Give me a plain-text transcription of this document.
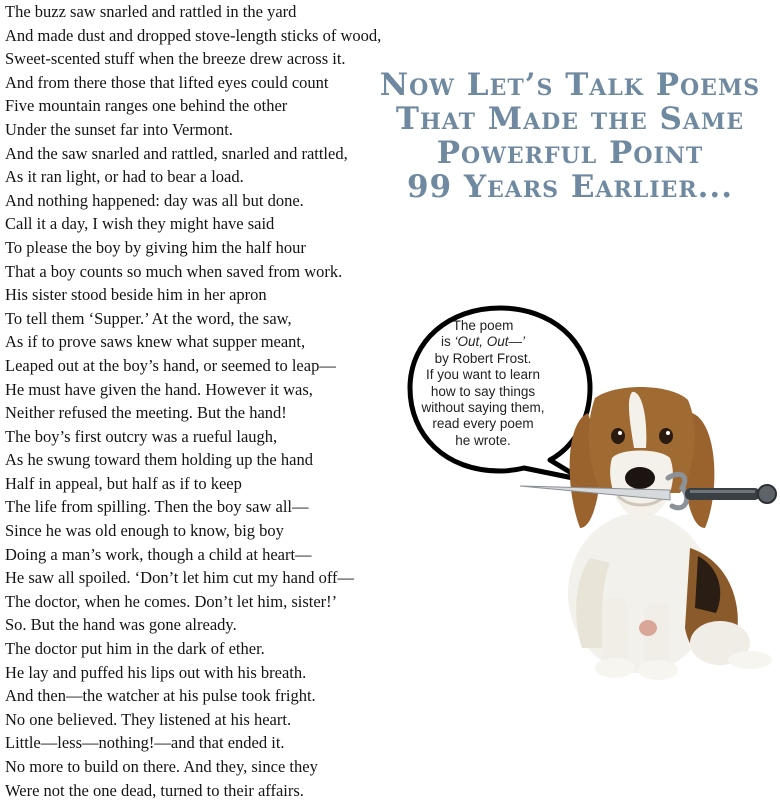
The buzz saw snarled and rattled in the yard
And made dust and dropped stove-length sticks of wood,
Sweet-scented stuff when the breeze drew across it.
And from there those that lifted eyes could count
Five mountain ranges one behind the other
Under the sunset far into Vermont.
And the saw snarled and rattled, snarled and rattled,
As it ran light, or had to bear a load.
And nothing happened: day was all but done.
Call it a day, I wish they might have said
To please the boy by giving him the half hour
That a boy counts so much when saved from work.
His sister stood beside him in her apron
To tell them ‘Supper.’ At the word, the saw,
As if to prove saws knew what supper meant,
Leaped out at the boy’s hand, or seemed to leap—
He must have given the hand. However it was,
Neither refused the meeting. But the hand!
The boy’s first outcry was a rueful laugh,
As he swung toward them holding up the hand
Half in appeal, but half as if to keep
The life from spilling. Then the boy saw all—
Since he was old enough to know, big boy
Doing a man’s work, though a child at heart—
He saw all spoiled. ‘Don’t let him cut my hand off—
The doctor, when he comes. Don’t let him, sister!’
So. But the hand was gone already.
The doctor put him in the dark of ether.
He lay and puffed his lips out with his breath.
And then—the watcher at his pulse took fright.
No one believed. They listened at his heart.
Little—less—nothing!—and that ended it.
No more to build on there. And they, since they
Were not the one dead, turned to their affairs.
Now Let’s Talk Poems
That Made the Same
Powerful Point
99 Years Earlier...
The poem
is ‘Out, Out—’
by Robert Frost.
If you want to learn
how to say things
without saying them,
read every poem
he wrote.
